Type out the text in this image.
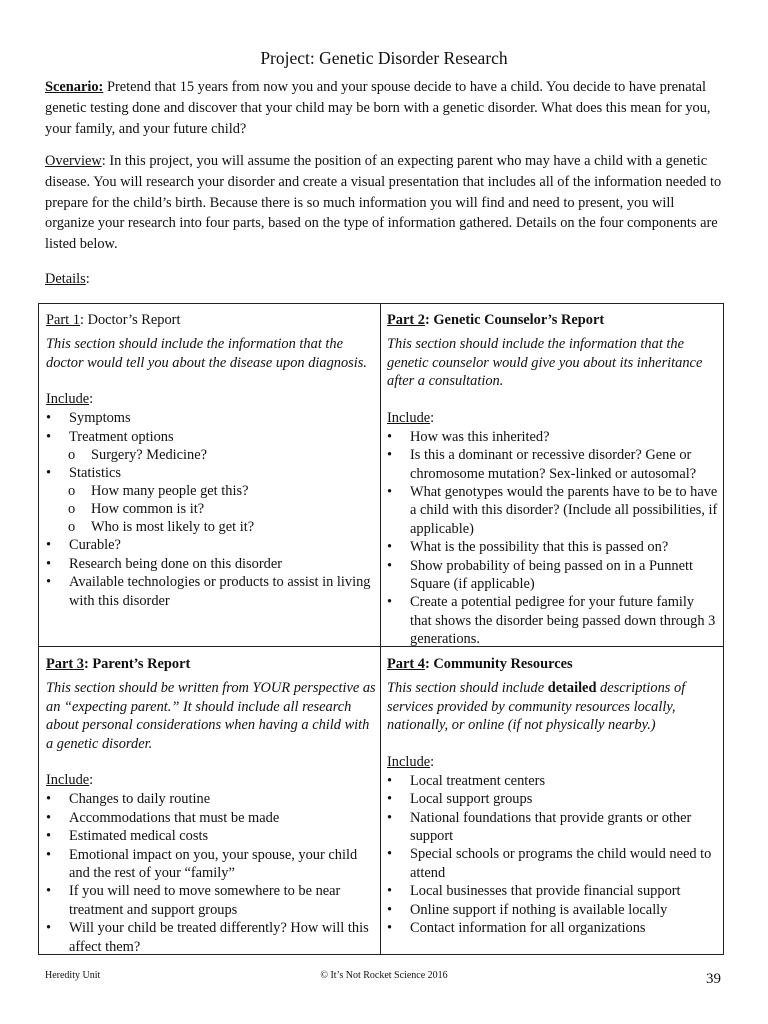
Project: Genetic Disorder Research

Scenario: Pretend that 15 years from now you and your spouse decide to have a child. You decide to have prenatal genetic testing done and discover that your child may be born with a genetic disorder. What does this mean for you, your family, and your future child?

Overview: In this project, you will assume the position of an expecting parent who may have a child with a genetic disease. You will research your disorder and create a visual presentation that includes all of the information needed to prepare for the child’s birth. Because there is so much information you will find and need to present, you will organize your research into four parts, based on the type of information gathered. Details on the four components are listed below.

Details:

Part 1: Doctor’s Report

This section should include the information that the doctor would tell you about the disease upon diagnosis.

Include:

• Symptoms
• Treatment options
o Surgery? Medicine?
• Statistics
o How many people get this?
o How common is it?
o Who is most likely to get it?
• Curable?
• Research being done on this disorder
• Available technologies or products to assist in living with this disorder

Part 2: Genetic Counselor’s Report

This section should include the information that the genetic counselor would give you about its inheritance after a consultation.

Include:

• How was this inherited?
• Is this a dominant or recessive disorder? Gene or chromosome mutation? Sex-linked or autosomal?
• What genotypes would the parents have to be to have a child with this disorder? (Include all possibilities, if applicable)
• What is the possibility that this is passed on?
• Show probability of being passed on in a Punnett Square (if applicable)
• Create a potential pedigree for your future family that shows the disorder being passed down through 3 generations.

Part 3: Parent’s Report

This section should be written from YOUR perspective as an “expecting parent.” It should include all research about personal considerations when having a child with a genetic disorder.

Include:

• Changes to daily routine
• Accommodations that must be made
• Estimated medical costs
• Emotional impact on you, your spouse, your child and the rest of your “family”
• If you will need to move somewhere to be near treatment and support groups
• Will your child be treated differently? How will this affect them?

Part 4: Community Resources

This section should include detailed descriptions of services provided by community resources locally, nationally, or online (if not physically nearby.)

Include:

• Local treatment centers
• Local support groups
• National foundations that provide grants or other support
• Special schools or programs the child would need to attend
• Local businesses that provide financial support
• Online support if nothing is available locally
• Contact information for all organizations
Heredity Unit	© It’s Not Rocket Science 2016	39
